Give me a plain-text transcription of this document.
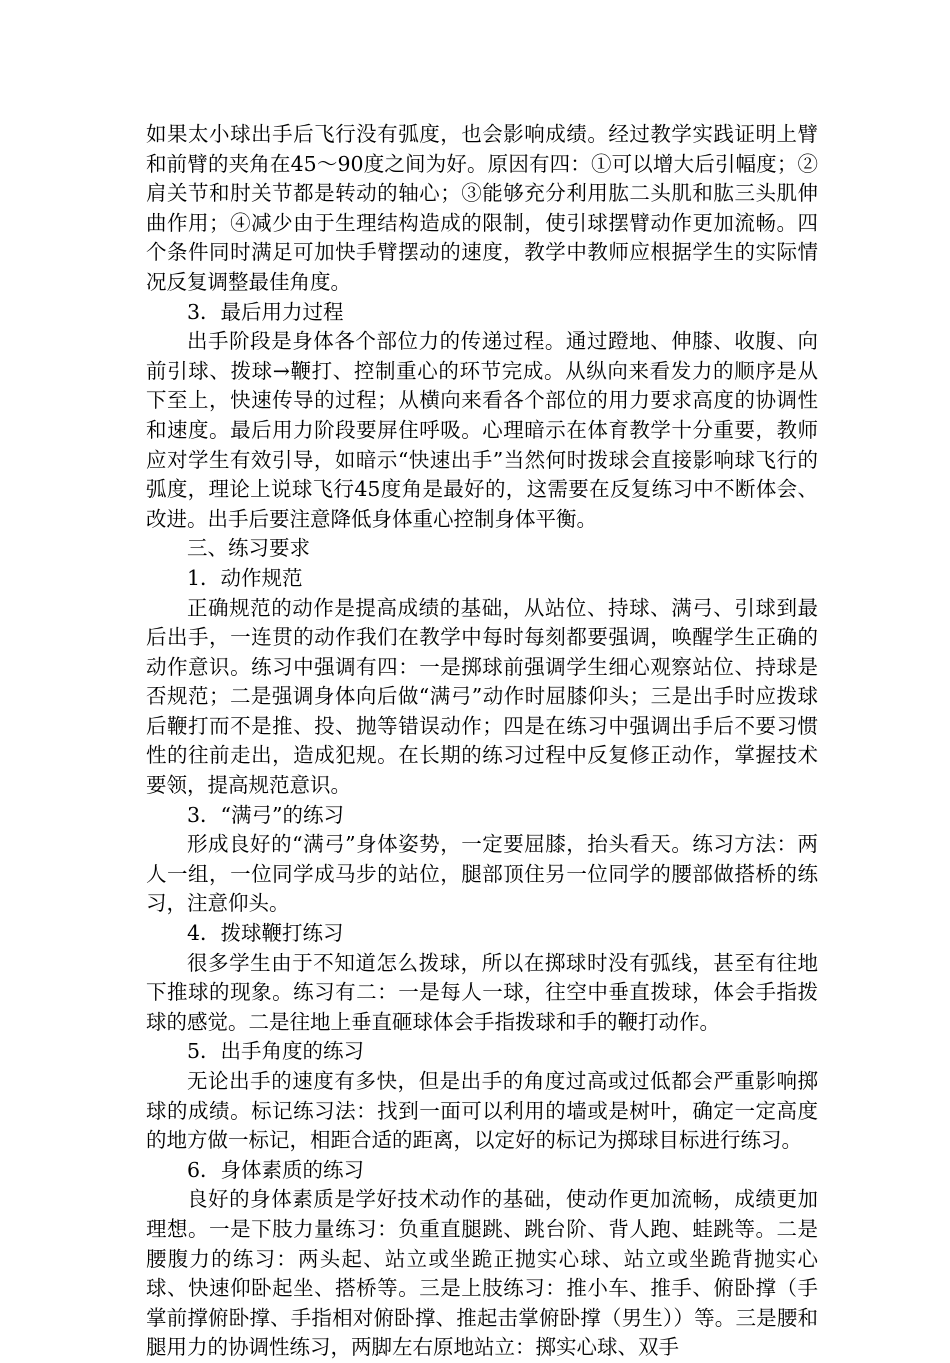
如果太小球出手后飞行没有弧度，也会影响成绩。经过教学实践证明上臂和前臂的夹角在45～90度之间为好。原因有四：①可以增大后引幅度；②肩关节和肘关节都是转动的轴心；③能够充分利用肱二头肌和肱三头肌伸曲作用；④减少由于生理结构造成的限制，使引球摆臂动作更加流畅。四个条件同时满足可加快手臂摆动的速度，教学中教师应根据学生的实际情况反复调整最佳角度。

3．最后用力过程

出手阶段是身体各个部位力的传递过程。通过蹬地、伸膝、收腹、向前引球、拨球→鞭打、控制重心的环节完成。从纵向来看发力的顺序是从下至上，快速传导的过程；从横向来看各个部位的用力要求高度的协调性和速度。最后用力阶段要屏住呼吸。心理暗示在体育教学十分重要，教师应对学生有效引导，如暗示“快速出手”当然何时拨球会直接影响球飞行的弧度，理论上说球飞行45度角是最好的，这需要在反复练习中不断体会、改进。出手后要注意降低身体重心控制身体平衡。

三、练习要求

1．动作规范

正确规范的动作是提高成绩的基础，从站位、持球、满弓、引球到最后出手，一连贯的动作我们在教学中每时每刻都要强调，唤醒学生正确的动作意识。练习中强调有四：一是掷球前强调学生细心观察站位、持球是否规范；二是强调身体向后做“满弓”动作时屈膝仰头；三是出手时应拨球后鞭打而不是推、投、抛等错误动作；四是在练习中强调出手后不要习惯性的往前走出，造成犯规。在长期的练习过程中反复修正动作，掌握技术要领，提高规范意识。

3．“满弓”的练习

形成良好的“满弓”身体姿势，一定要屈膝，抬头看天。练习方法：两人一组，一位同学成马步的站位，腿部顶住另一位同学的腰部做搭桥的练习，注意仰头。

4．拨球鞭打练习

很多学生由于不知道怎么拨球，所以在掷球时没有弧线，甚至有往地下推球的现象。练习有二：一是每人一球，往空中垂直拨球，体会手指拨球的感觉。二是往地上垂直砸球体会手指拨球和手的鞭打动作。

5．出手角度的练习

无论出手的速度有多快，但是出手的角度过高或过低都会严重影响掷球的成绩。标记练习法：找到一面可以利用的墙或是树叶，确定一定高度的地方做一标记，相距合适的距离，以定好的标记为掷球目标进行练习。

6．身体素质的练习

良好的身体素质是学好技术动作的基础，使动作更加流畅，成绩更加理想。一是下肢力量练习：负重直腿跳、跳台阶、背人跑、蛙跳等。二是腰腹力的练习：两头起、站立或坐跪正抛实心球、站立或坐跪背抛实心球、快速仰卧起坐、搭桥等。三是上肢练习：推小车、推手、俯卧撑（手掌前撑俯卧撑、手指相对俯卧撑、推起击掌俯卧撑（男生））等。三是腰和腿用力的协调性练习，两脚左右原地站立：掷实心球、双手
